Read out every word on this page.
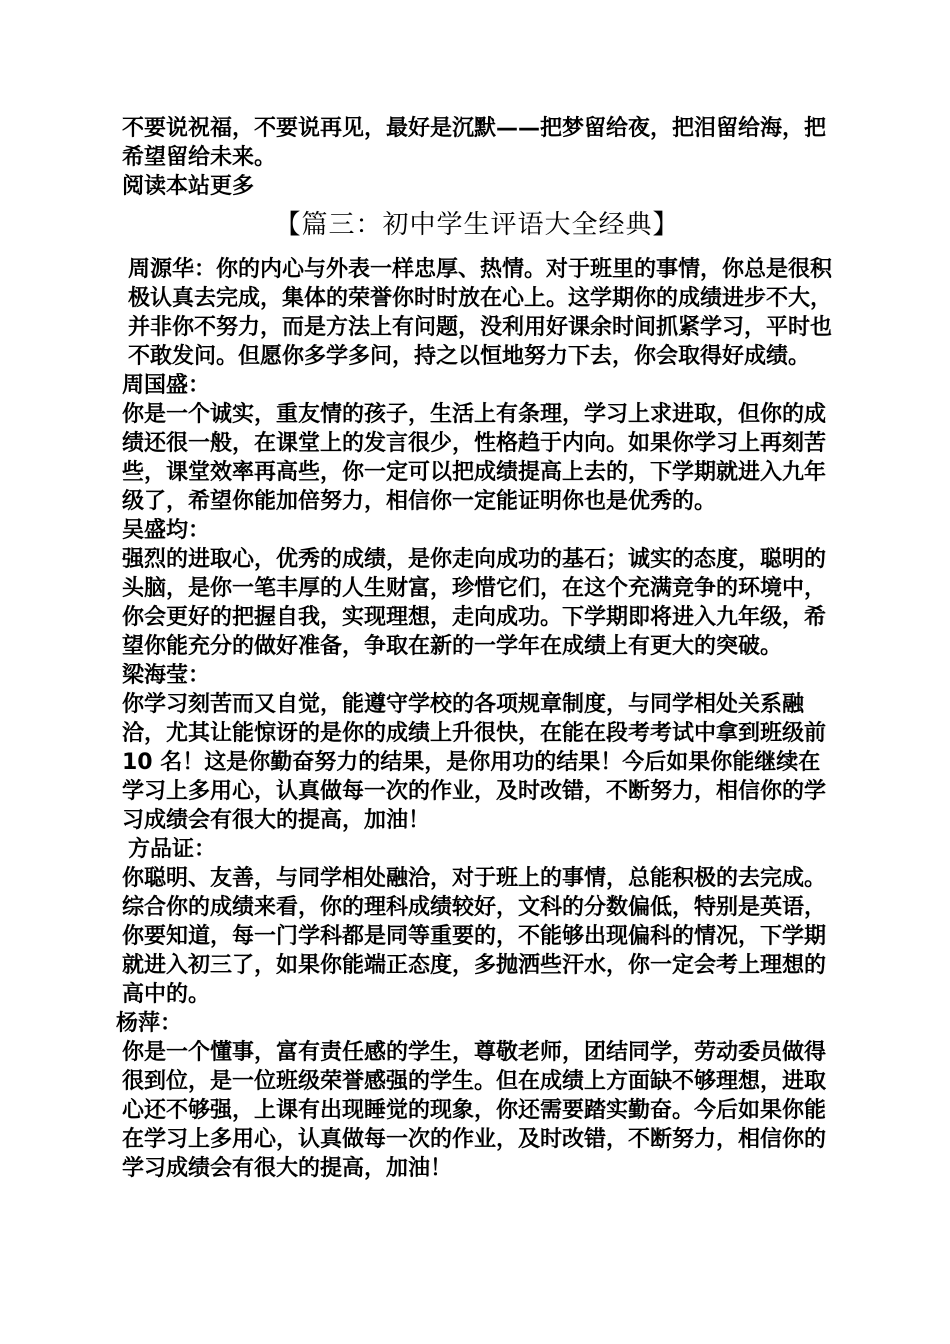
不要说祝福，不要说再见，最好是沉默——把梦留给夜，把泪留给海，把希望留给未来。

阅读本站更多

【篇三：初中学生评语大全经典】

周源华：你的内心与外表一样忠厚、热情。对于班里的事情，你总是很积极认真去完成，集体的荣誉你时时放在心上。这学期你的成绩进步不大，并非你不努力，而是方法上有问题，没利用好课余时间抓紧学习，平时也不敢发问。但愿你多学多问，持之以恒地努力下去，你会取得好成绩。

周国盛：

你是一个诚实，重友情的孩子，生活上有条理，学习上求进取，但你的成绩还很一般，在课堂上的发言很少，性格趋于内向。如果你学习上再刻苦些，课堂效率再高些，你一定可以把成绩提高上去的，下学期就进入九年级了，希望你能加倍努力，相信你一定能证明你也是优秀的。

吴盛均：

强烈的进取心，优秀的成绩，是你走向成功的基石；诚实的态度，聪明的头脑，是你一笔丰厚的人生财富，珍惜它们，在这个充满竞争的环境中，你会更好的把握自我，实现理想，走向成功。下学期即将进入九年级，希望你能充分的做好准备，争取在新的一学年在成绩上有更大的突破。

梁海莹：

你学习刻苦而又自觉，能遵守学校的各项规章制度，与同学相处关系融洽，尤其让能惊讶的是你的成绩上升很快，在能在段考考试中拿到班级前 10 名！这是你勤奋努力的结果，是你用功的结果！今后如果你能继续在学习上多用心，认真做每一次的作业，及时改错，不断努力，相信你的学习成绩会有很大的提高，加油！

方品证：

你聪明、友善，与同学相处融洽，对于班上的事情，总能积极的去完成。综合你的成绩来看，你的理科成绩较好，文科的分数偏低，特别是英语，你要知道，每一门学科都是同等重要的，不能够出现偏科的情况，下学期就进入初三了，如果你能端正态度，多抛洒些汗水，你一定会考上理想的高中的。

杨萍：

你是一个懂事，富有责任感的学生，尊敬老师，团结同学，劳动委员做得很到位，是一位班级荣誉感强的学生。但在成绩上方面缺不够理想，进取心还不够强，上课有出现睡觉的现象，你还需要踏实勤奋。今后如果你能在学习上多用心，认真做每一次的作业，及时改错，不断努力，相信你的学习成绩会有很大的提高，加油！
